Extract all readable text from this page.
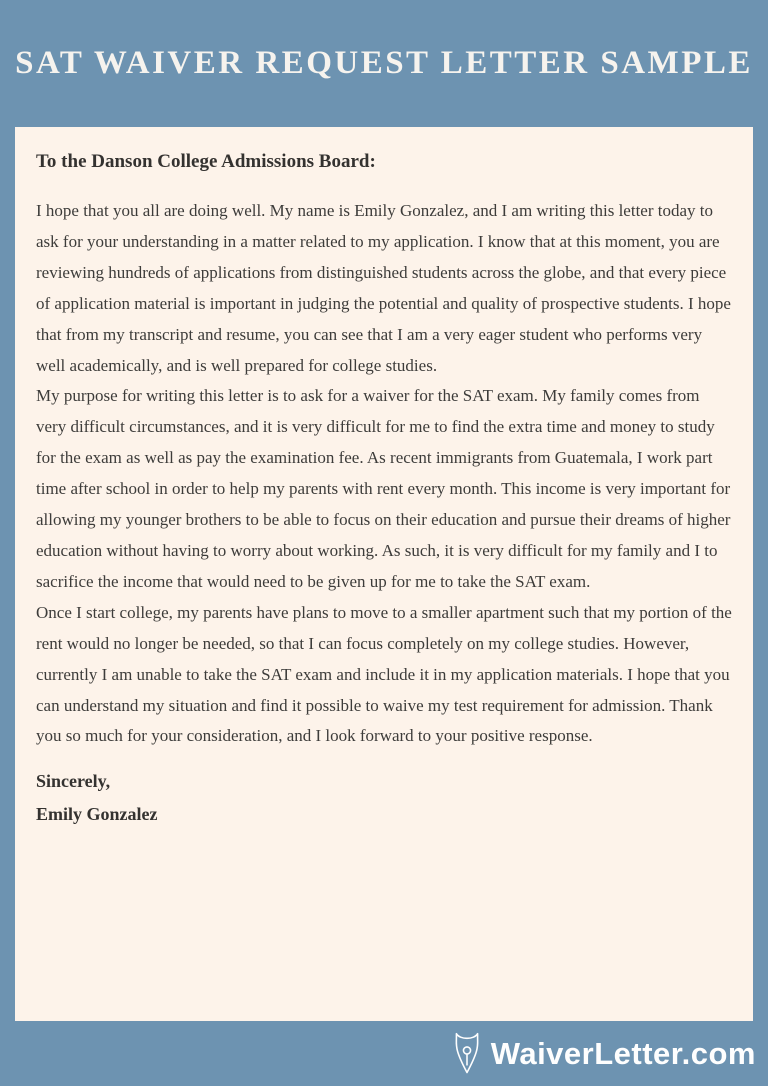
SAT WAIVER REQUEST LETTER SAMPLE

To the Danson College Admissions Board:

I hope that you all are doing well. My name is Emily Gonzalez, and I am writing this letter today to ask for your understanding in a matter related to my application. I know that at this moment, you are reviewing hundreds of applications from distinguished students across the globe, and that every piece of application material is important in judging the potential and quality of prospective students. I hope that from my transcript and resume, you can see that I am a very eager student who performs very well academically, and is well prepared for college studies.

My purpose for writing this letter is to ask for a waiver for the SAT exam. My family comes from very difficult circumstances, and it is very difficult for me to find the extra time and money to study for the exam as well as pay the examination fee. As recent immigrants from Guatemala, I work part time after school in order to help my parents with rent every month. This income is very important for allowing my younger brothers to be able to focus on their education and pursue their dreams of higher education without having to worry about working. As such, it is very difficult for my family and I to sacrifice the income that would need to be given up for me to take the SAT exam.

Once I start college, my parents have plans to move to a smaller apartment such that my portion of the rent would no longer be needed, so that I can focus completely on my college studies. However, currently I am unable to take the SAT exam and include it in my application materials. I hope that you can understand my situation and find it possible to waive my test requirement for admission. Thank you so much for your consideration, and I look forward to your positive response.

Sincerely,
Emily Gonzalez
WaiverLetter.com
